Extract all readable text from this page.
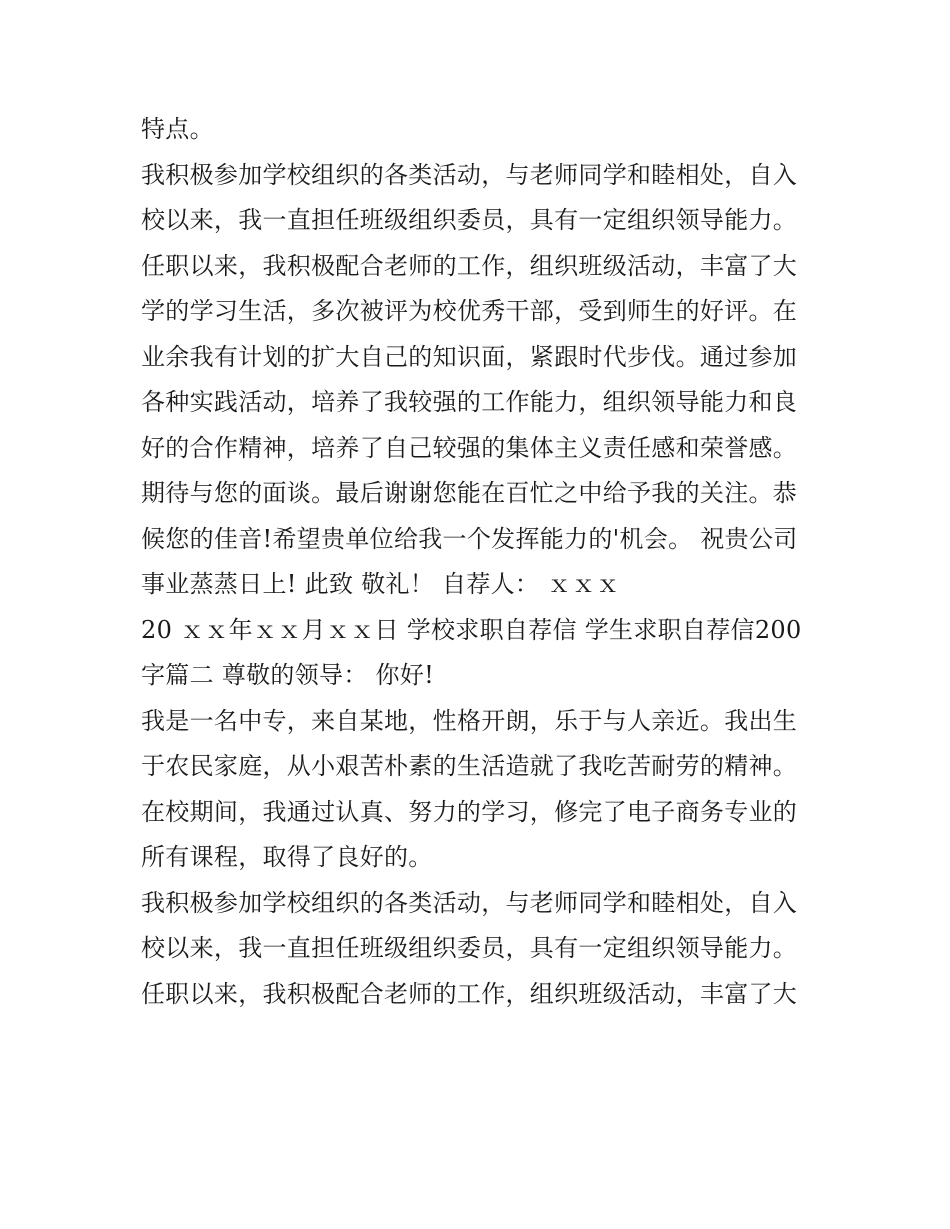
特点。
我积极参加学校组织的各类活动，与老师同学和睦相处，自入
校以来，我一直担任班级组织委员，具有一定组织领导能力。
任职以来，我积极配合老师的工作，组织班级活动，丰富了大
学的学习生活，多次被评为校优秀干部，受到师生的好评。在
业余我有计划的扩大自己的知识面，紧跟时代步伐。通过参加
各种实践活动，培养了我较强的工作能力，组织领导能力和良
好的合作精神，培养了自己较强的集体主义责任感和荣誉感。
期待与您的面谈。最后谢谢您能在百忙之中给予我的关注。恭
候您的佳音!希望贵单位给我一个发挥能力的'机会。 祝贵公司
事业蒸蒸日上! 此致 敬礼！ 自荐人： ｘｘｘ
20 ｘｘ年ｘｘ月ｘｘ日 学校求职自荐信 学生求职自荐信200
字篇二 尊敬的领导： 你好!
我是一名中专，来自某地，性格开朗，乐于与人亲近。我出生
于农民家庭，从小艰苦朴素的生活造就了我吃苦耐劳的精神。
在校期间，我通过认真、努力的学习，修完了电子商务专业的
所有课程，取得了良好的。
我积极参加学校组织的各类活动，与老师同学和睦相处，自入
校以来，我一直担任班级组织委员，具有一定组织领导能力。
任职以来，我积极配合老师的工作，组织班级活动，丰富了大
